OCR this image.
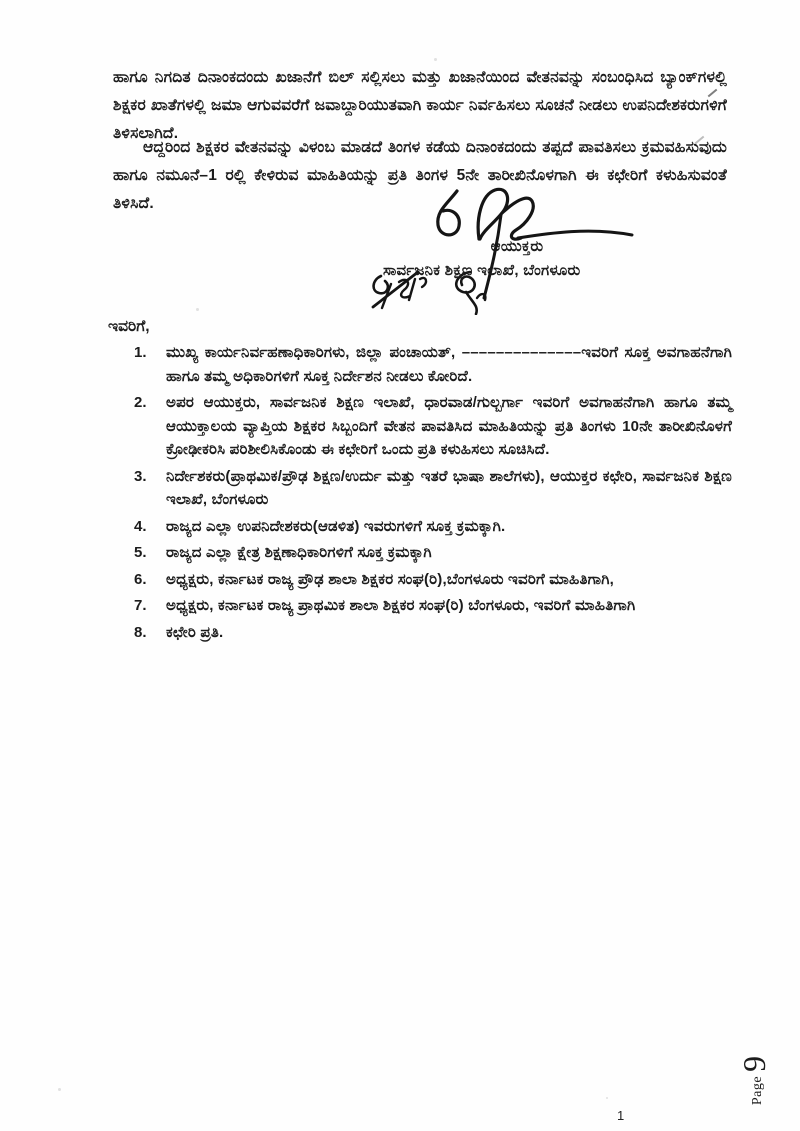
ಹಾಗೂ ನಿಗದಿತ ದಿನಾಂಕದಂದು ಖಜಾನೆಗೆ ಬಿಲ್ ಸಲ್ಲಿಸಲು ಮತ್ತು ಖಜಾನೆಯಿಂದ ವೇತನವನ್ನು ಸಂಬಂಧಿಸಿದ ಬ್ಯಾಂಕ್‌ಗಳಲ್ಲಿ ಶಿಕ್ಷಕರ ಖಾತೆಗಳಲ್ಲಿ ಜಮಾ ಆಗುವವರೆಗೆ ಜವಾಬ್ದಾರಿಯುತವಾಗಿ ಕಾರ್ಯ ನಿರ್ವಹಿಸಲು ಸೂಚನೆ ನೀಡಲು ಉಪನಿದೇಶಕರುಗಳಿಗೆ ತಿಳಿಸಲಾಗಿದೆ.
ಆದ್ದರಿಂದ ಶಿಕ್ಷಕರ ವೇತನವನ್ನು ವಿಳಂಬ ಮಾಡದೆ ತಿಂಗಳ ಕಡೆಯ ದಿನಾಂಕದಂದು ತಪ್ಪದೆ ಪಾವತಿಸಲು ಕ್ರಮವಹಿಸುವುದು ಹಾಗೂ ನಮೂನೆ–1 ರಲ್ಲಿ ಕೇಳಿರುವ ಮಾಹಿತಿಯನ್ನು ಪ್ರತಿ ತಿಂಗಳ 5ನೇ ತಾರೀಖಿನೊಳಗಾಗಿ ಈ ಕಛೇರಿಗೆ ಕಳುಹಿಸುವಂತೆ ತಿಳಿಸಿದೆ.
ಆಯುಕ್ತರು
ಸಾರ್ವಜನಿಕ ಶಿಕ್ಷಣ ಇಲಾಖೆ, ಬೆಂಗಳೂರು
ಇವರಿಗೆ,
1.	ಮುಖ್ಯ ಕಾರ್ಯನಿರ್ವಹಣಾಧಿಕಾರಿಗಳು, ಜಿಲ್ಲಾ ಪಂಚಾಯತ್, ––––––––––––––ಇವರಿಗೆ ಸೂಕ್ತ ಅವಗಾಹನೆಗಾಗಿ ಹಾಗೂ ತಮ್ಮ ಅಧಿಕಾರಿಗಳಿಗೆ ಸೂಕ್ತ ನಿರ್ದೇಶನ ನೀಡಲು ಕೋರಿದೆ.
2.	ಅಪರ ಆಯುಕ್ತರು, ಸಾರ್ವಜನಿಕ ಶಿಕ್ಷಣ ಇಲಾಖೆ, ಧಾರವಾಡ/ಗುಲ್ಬರ್ಗಾ ಇವರಿಗೆ ಅವಗಾಹನೆಗಾಗಿ ಹಾಗೂ ತಮ್ಮ ಆಯುಕ್ತಾಲಯ ವ್ಯಾಪ್ತಿಯ ಶಿಕ್ಷಕರ ಸಿಬ್ಬಂದಿಗೆ ವೇತನ ಪಾವತಿಸಿದ ಮಾಹಿತಿಯನ್ನು ಪ್ರತಿ ತಿಂಗಳು 10ನೇ ತಾರೀಖಿನೊಳಗೆ ಕ್ರೋಢೀಕರಿಸಿ ಪರಿಶೀಲಿಸಿಕೊಂಡು ಈ ಕಛೇರಿಗೆ ಒಂದು ಪ್ರತಿ ಕಳುಹಿಸಲು ಸೂಚಿಸಿದೆ.
3.	ನಿರ್ದೇಶಕರು(ಪ್ರಾಥಮಿಕ/ಪ್ರೌಢ ಶಿಕ್ಷಣ/ಉರ್ದು ಮತ್ತು ಇತರೆ ಭಾಷಾ ಶಾಲೆಗಳು), ಆಯುಕ್ತರ ಕಛೇರಿ, ಸಾರ್ವಜನಿಕ ಶಿಕ್ಷಣ ಇಲಾಖೆ, ಬೆಂಗಳೂರು
4.	ರಾಜ್ಯದ ಎಲ್ಲಾ ಉಪನಿದೇಶಕರು(ಆಡಳಿತ) ಇವರುಗಳಿಗೆ ಸೂಕ್ತ ಕ್ರಮಕ್ಕಾಗಿ.
5.	ರಾಜ್ಯದ ಎಲ್ಲಾ ಕ್ಷೇತ್ರ ಶಿಕ್ಷಣಾಧಿಕಾರಿಗಳಿಗೆ ಸೂಕ್ತ ಕ್ರಮಕ್ಕಾಗಿ
6.	ಅಧ್ಯಕ್ಷರು, ಕರ್ನಾಟಕ ರಾಜ್ಯ ಪ್ರೌಢ ಶಾಲಾ ಶಿಕ್ಷಕರ ಸಂಘ(ರಿ),ಬೆಂಗಳೂರು ಇವರಿಗೆ ಮಾಹಿತಿಗಾಗಿ,
7.	ಅಧ್ಯಕ್ಷರು, ಕರ್ನಾಟಕ ರಾಜ್ಯ ಪ್ರಾಥಮಿಕ ಶಾಲಾ ಶಿಕ್ಷಕರ ಸಂಘ(ರಿ) ಬೆಂಗಳೂರು, ಇವರಿಗೆ ಮಾಹಿತಿಗಾಗಿ
8.	ಕಛೇರಿ ಪ್ರತಿ.
Page9
1
